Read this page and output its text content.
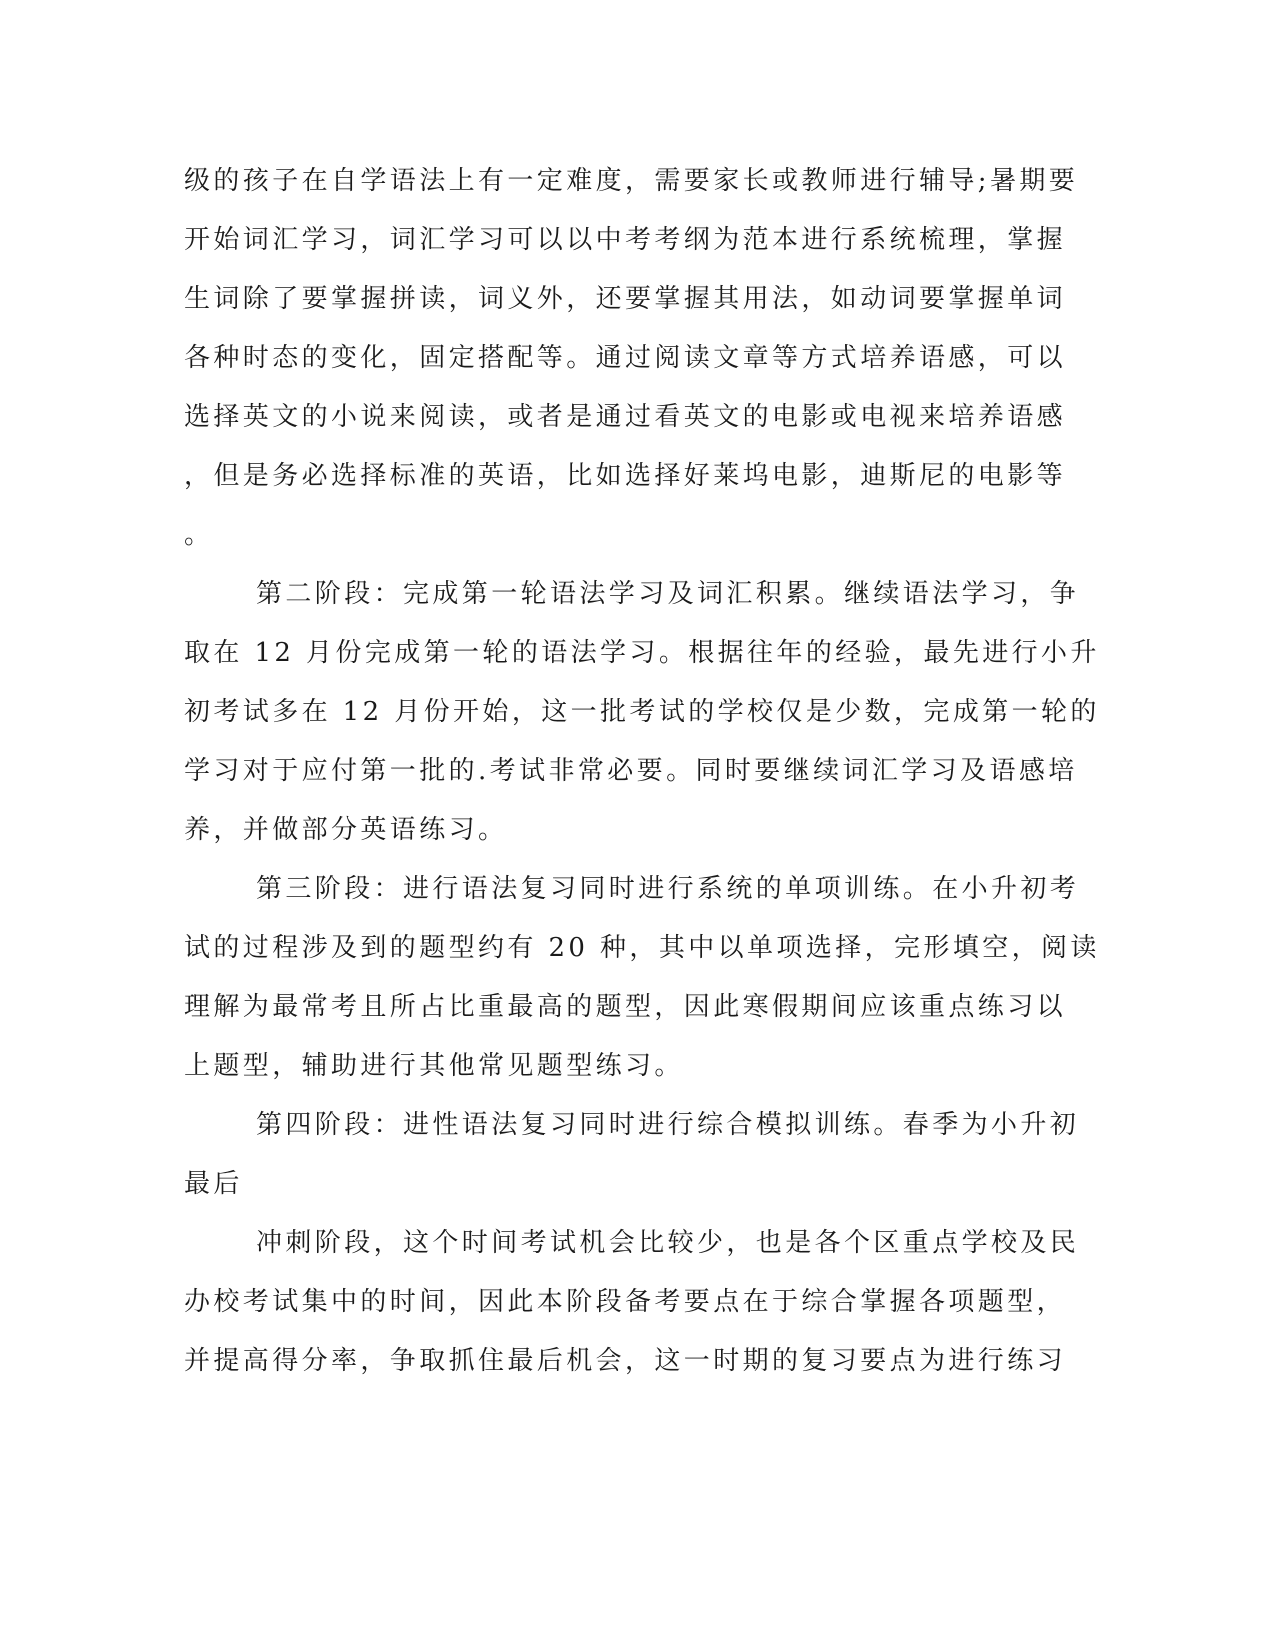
级的孩子在自学语法上有一定难度，需要家长或教师进行辅导;暑期要

开始词汇学习，词汇学习可以以中考考纲为范本进行系统梳理，掌握

生词除了要掌握拼读，词义外，还要掌握其用法，如动词要掌握单词

各种时态的变化，固定搭配等。通过阅读文章等方式培养语感，可以

选择英文的小说来阅读，或者是通过看英文的电影或电视来培养语感

，但是务必选择标准的英语，比如选择好莱坞电影，迪斯尼的电影等

。

第二阶段：完成第一轮语法学习及词汇积累。继续语法学习，争

取在 12 月份完成第一轮的语法学习。根据往年的经验，最先进行小升

初考试多在 12 月份开始，这一批考试的学校仅是少数，完成第一轮的

学习对于应付第一批的.考试非常必要。同时要继续词汇学习及语感培

养，并做部分英语练习。

第三阶段：进行语法复习同时进行系统的单项训练。在小升初考

试的过程涉及到的题型约有 20 种，其中以单项选择，完形填空，阅读

理解为最常考且所占比重最高的题型，因此寒假期间应该重点练习以

上题型，辅助进行其他常见题型练习。

第四阶段：进性语法复习同时进行综合模拟训练。春季为小升初

最后

冲刺阶段，这个时间考试机会比较少，也是各个区重点学校及民

办校考试集中的时间，因此本阶段备考要点在于综合掌握各项题型，

并提高得分率，争取抓住最后机会，这一时期的复习要点为进行练习
